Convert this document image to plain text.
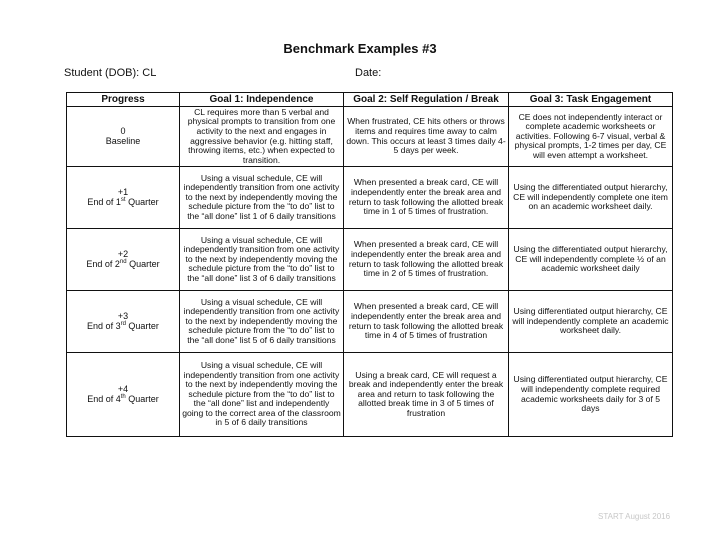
Benchmark Examples #3
Student (DOB): CL	Date:
Progress	Goal 1: Independence	Goal 2: Self Regulation / Break	Goal 3: Task Engagement

0
Baseline	CL requires more than 5 verbal and physical prompts to transition from one activity to the next and engages in aggressive behavior (e.g. hitting staff, throwing items, etc.) when expected to transition.	When frustrated, CE hits others or throws items and requires time away to calm down. This occurs at least 3 times daily 4-5 days per week.	CE does not independently interact or complete academic worksheets or activities. Following 6-7 visual, verbal & physical prompts, 1-2 times per day, CE will even attempt a worksheet.

+1
End of 1st Quarter	Using a visual schedule, CE will independently transition from one activity to the next by independently moving the schedule picture from the “to do” list to the “all done” list 1 of 6 daily transitions	When presented a break card, CE will independently enter the break area and return to task following the allotted break time in 1 of 5 times of frustration.	Using the differentiated output hierarchy, CE will independently complete one item on an academic worksheet daily.

+2
End of 2nd Quarter	Using a visual schedule, CE will independently transition from one activity to the next by independently moving the schedule picture from the “to do” list to the “all done” list 3 of 6 daily transitions	When presented a break card, CE will independently enter the break area and return to task following the allotted break time in 2 of 5 times of frustration.	Using the differentiated output hierarchy, CE will independently complete ½ of an academic worksheet daily

+3
End of 3rd Quarter	Using a visual schedule, CE will independently transition from one activity to the next by independently moving the schedule picture from the “to do” list to the “all done” list 5 of 6 daily transitions	When presented a break card, CE will independently enter the break area and return to task following the allotted break time in 4 of 5 times of frustration	Using differentiated output hierarchy, CE will independently complete an academic worksheet daily.

+4
End of 4th Quarter	Using a visual schedule, CE will independently transition from one activity to the next by independently moving the schedule picture from the “to do” list to the “all done” list and independently going to the correct area of the classroom in 5 of 6 daily transitions	Using a break card, CE will request a break and independently enter the break area and return to task following the allotted break time in 3 of 5 times of frustration	Using differentiated output hierarchy, CE will independently complete required academic worksheets daily for 3 of 5 days
START August 2016
